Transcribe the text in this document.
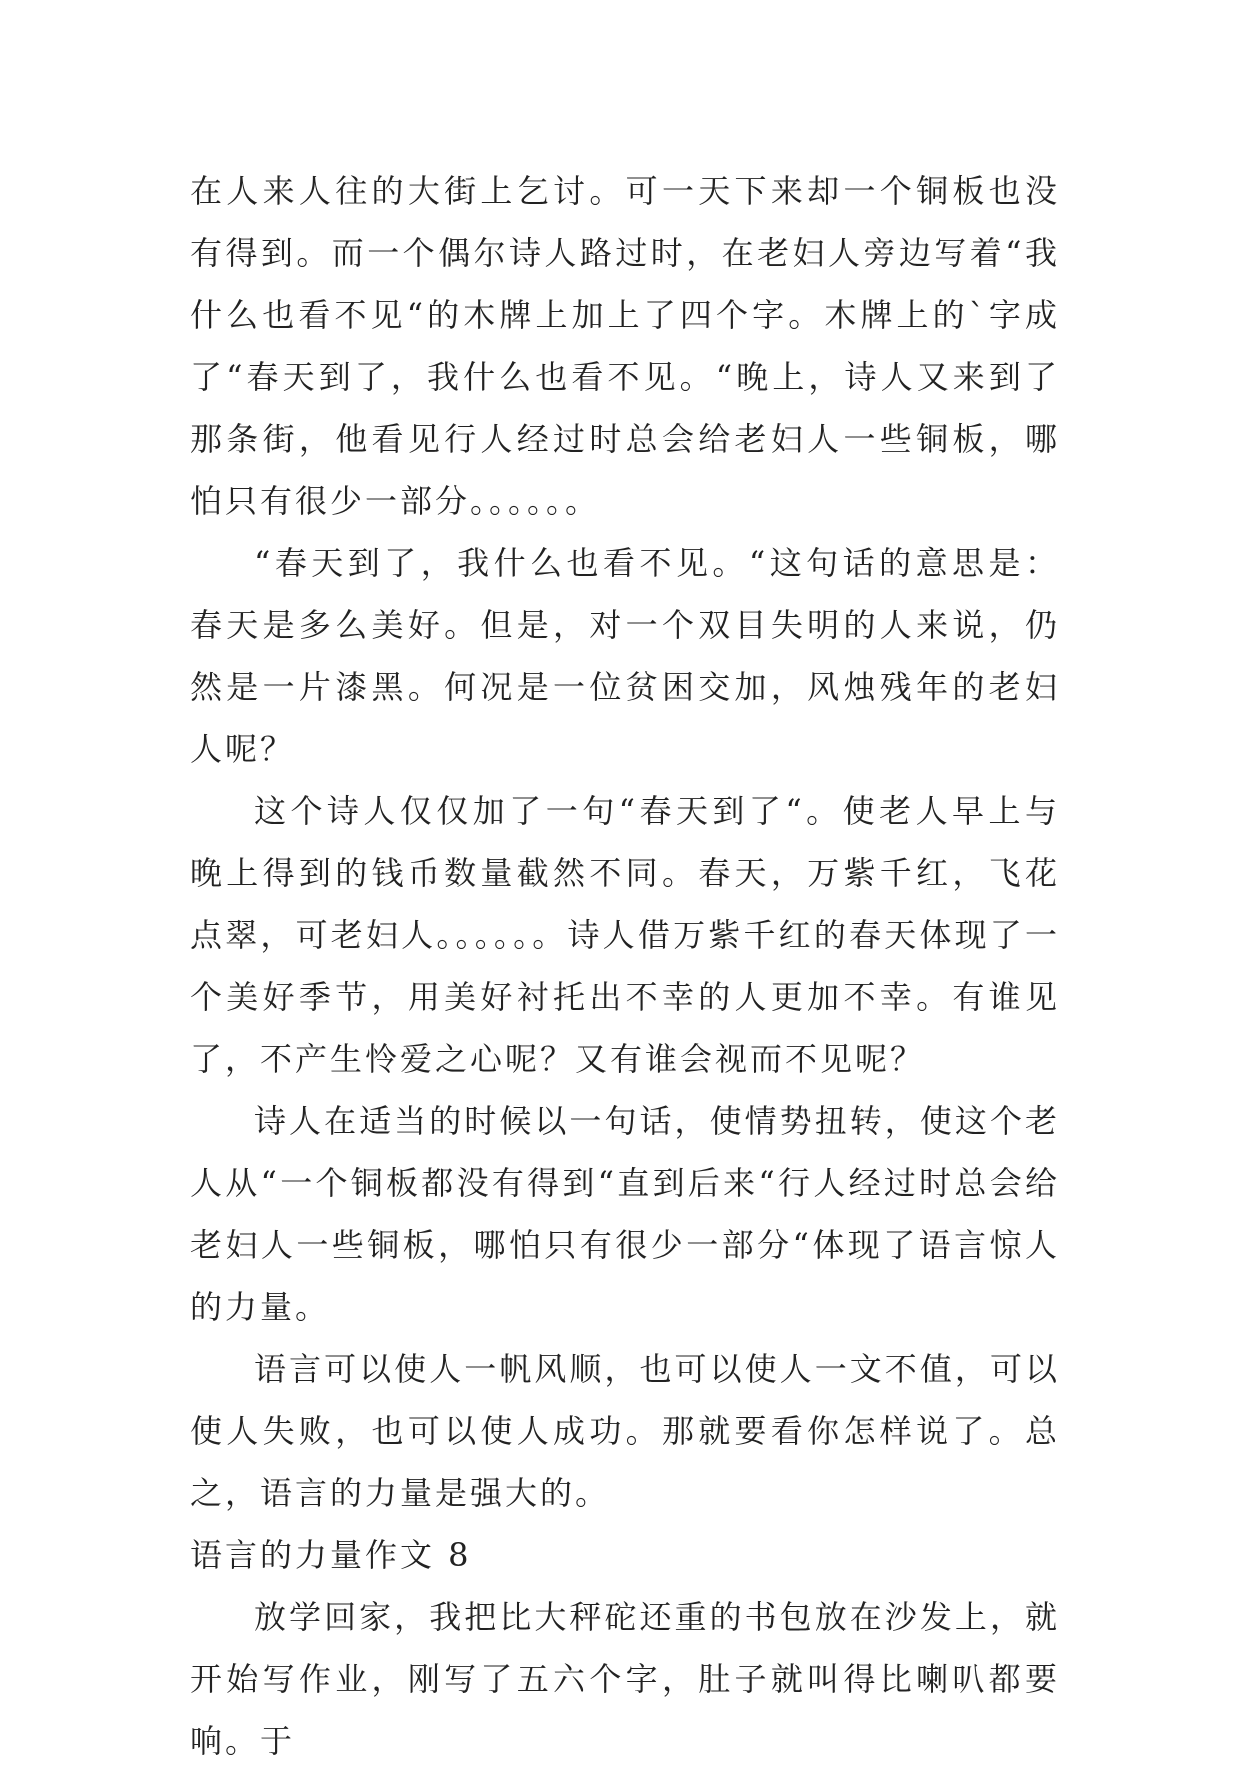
在人来人往的大街上乞讨。可一天下来却一个铜板也没有得到。而一个偶尔诗人路过时，在老妇人旁边写着“我什么也看不见“的木牌上加上了四个字。木牌上的`字成了“春天到了，我什么也看不见。“晚上，诗人又来到了那条街，他看见行人经过时总会给老妇人一些铜板，哪怕只有很少一部分。。。。。。

“春天到了，我什么也看不见。“这句话的意思是：春天是多么美好。但是，对一个双目失明的人来说，仍然是一片漆黑。何况是一位贫困交加，风烛残年的老妇人呢？

这个诗人仅仅加了一句“春天到了“。使老人早上与晚上得到的钱币数量截然不同。春天，万紫千红，飞花点翠，可老妇人。。。。。。诗人借万紫千红的春天体现了一个美好季节，用美好衬托出不幸的人更加不幸。有谁见了，不产生怜爱之心呢？又有谁会视而不见呢？

诗人在适当的时候以一句话，使情势扭转，使这个老人从“一个铜板都没有得到“直到后来“行人经过时总会给老妇人一些铜板，哪怕只有很少一部分“体现了语言惊人的力量。

语言可以使人一帆风顺，也可以使人一文不值，可以使人失败，也可以使人成功。那就要看你怎样说了。总之，语言的力量是强大的。

语言的力量作文 8

放学回家，我把比大秤砣还重的书包放在沙发上，就开始写作业，刚写了五六个字，肚子就叫得比喇叭都要响。于
